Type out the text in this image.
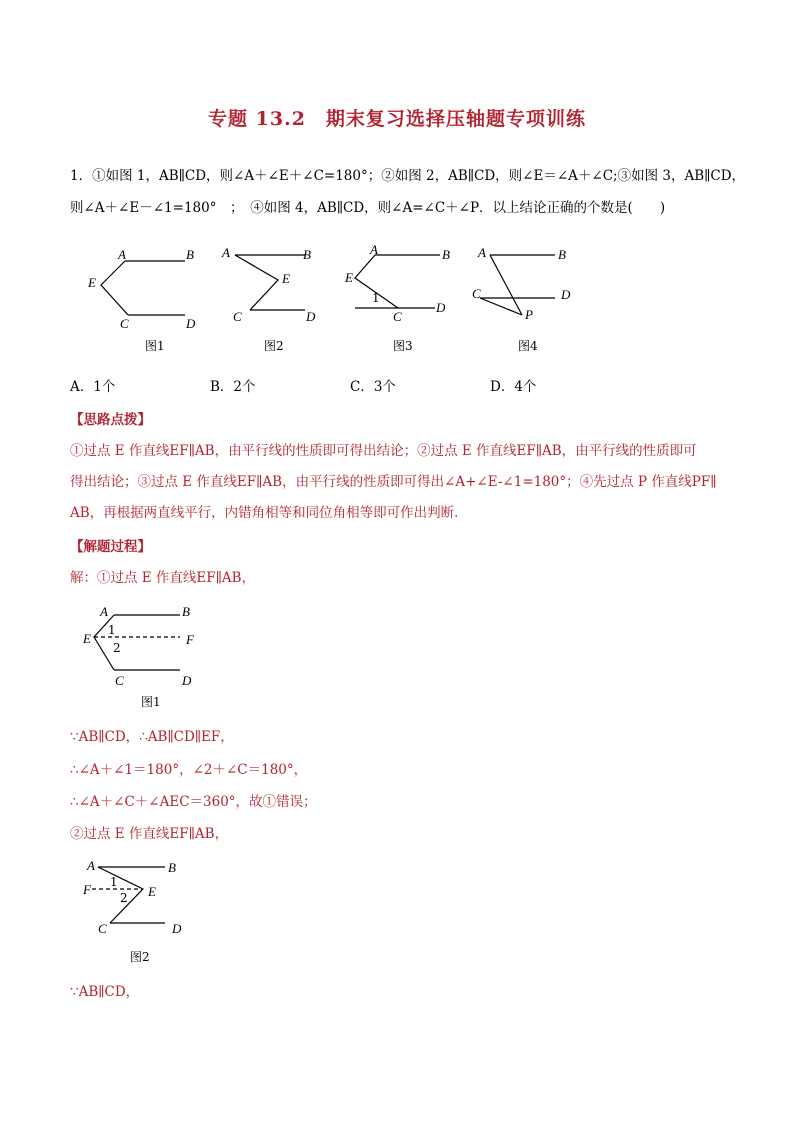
专题 13.2　期末复习选择压轴题专项训练
1．①如图 1，AB∥CD，则∠A＋∠E＋∠C=180°；②如图 2，AB∥CD，则∠E＝∠A＋∠C;③如图 3，AB∥CD，
则∠A＋∠E－∠1=180°　；　④如图 4，AB∥CD，则∠A=∠C＋∠P．以上结论正确的个数是(　　)
A	B
E
C	D
图1
A	B
E
C	D
图2
A	B
E
1
C
D
图3
A	B
C	D
P
图4
A．1个	B．2个	C．3个	D．4个
【思路点拨】
①过点 E 作直线EF∥AB，由平行线的性质即可得出结论；②过点 E 作直线EF∥AB，由平行线的性质即可
得出结论；③过点 E 作直线EF∥AB，由平行线的性质即可得出∠A+∠E-∠1=180°；④先过点 P 作直线PF∥
AB，再根据两直线平行，内错角相等和同位角相等即可作出判断．
【解题过程】
解：①过点 E 作直线EF∥AB，
A	B
E
1
2
F
C	D
图1
∵AB∥CD，∴AB∥CD∥EF，
∴∠A＋∠1＝180°，∠2＋∠C＝180°，
∴∠A＋∠C＋∠AEC＝360°，故①错误；
②过点 E 作直线EF∥AB，
A	B
F 1
2 E
C	D
图2
∵AB∥CD，
